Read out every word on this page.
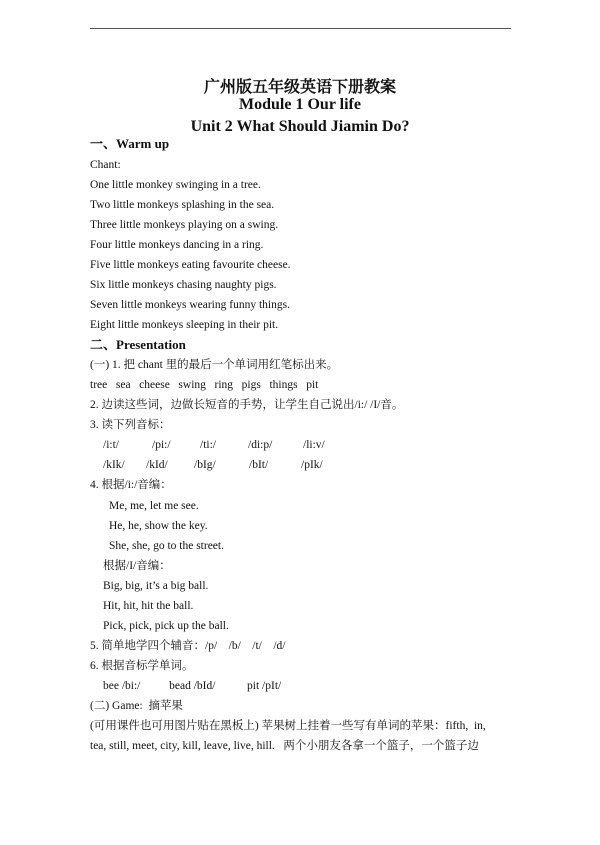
广州版五年级英语下册教案
Module 1 Our life
Unit 2 What Should Jiamin Do?
一、Warm up
Chant:
One little monkey swinging in a tree.
Two little monkeys splashing in the sea.
Three little monkeys playing on a swing.
Four little monkeys dancing in a ring.
Five little monkeys eating favourite cheese.
Six little monkeys chasing naughty pigs.
Seven little monkeys wearing funny things.
Eight little monkeys sleeping in their pit.
二、Presentation
(一) 1. 把 chant 里的最后一个单词用红笔标出来。
tree   sea   cheese   swing   ring   pigs   things   pit
2. 边读这些词，边做长短音的手势，让学生自己说出/i:/ /I/音。
3. 读下列音标：
/i:t/	/pi:/	/ti:/	/di:p/	/li:v/
/kIk/ /kId/ /bIg/	/bIt/	/pIk/
4. 根据/i:/音编：
Me, me, let me see.
He, he, show the key.
She, she, go to the street.
根据/I/音编：
Big, big, it’s a big ball.
Hit, hit, hit the ball.
Pick, pick, pick up the ball.
5. 简单地学四个辅音：/p/    /b/    /t/    /d/
6. 根据音标学单词。
bee /bi:/          bead /bId/           pit /pIt/
(二) Game:  摘苹果
(可用课件也可用图片贴在黑板上) 苹果树上挂着一些写有单词的苹果：fifth,  in,
tea, still, meet, city, kill, leave, live, hill.   两个小朋友各拿一个篮子，一个篮子边
